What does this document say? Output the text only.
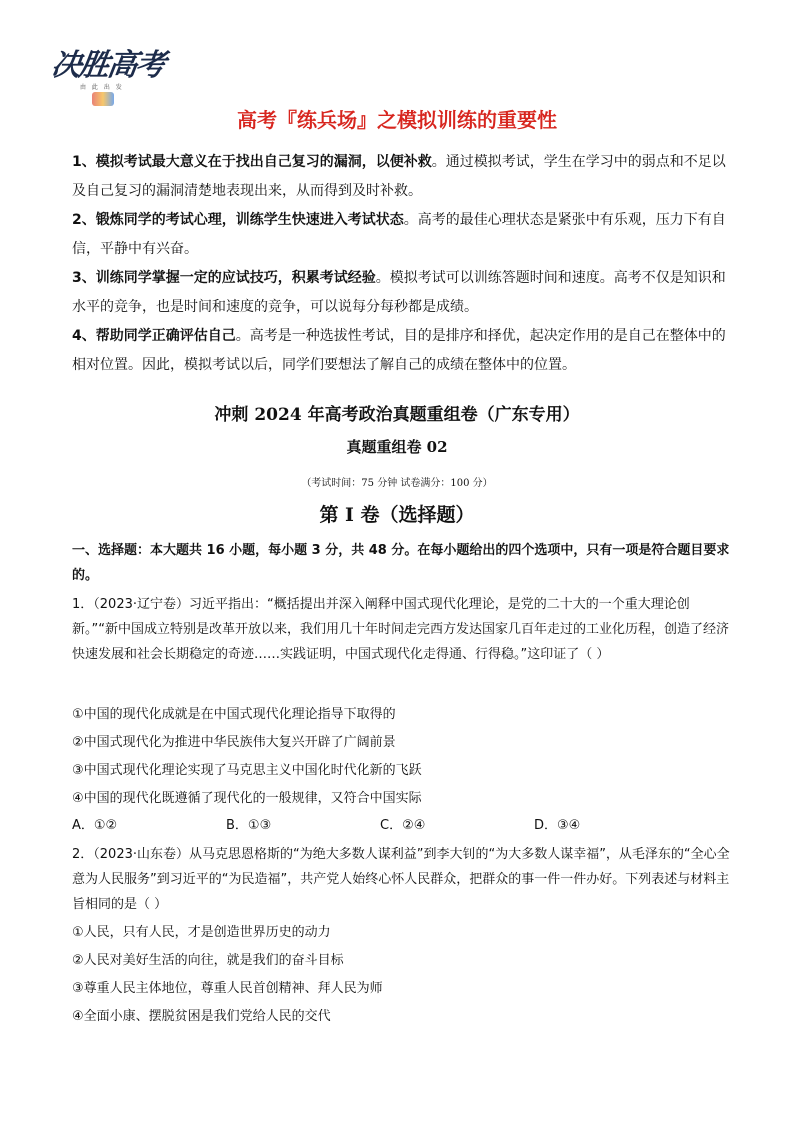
决胜高考
由 此 出 发
高考『练兵场』之模拟训练的重要性
1、模拟考试最大意义在于找出自己复习的漏洞，以便补救。通过模拟考试，学生在学习中的弱点和不足以及自己复习的漏洞清楚地表现出来，从而得到及时补救。
2、锻炼同学的考试心理，训练学生快速进入考试状态。高考的最佳心理状态是紧张中有乐观，压力下有自信，平静中有兴奋。
3、训练同学掌握一定的应试技巧，积累考试经验。模拟考试可以训练答题时间和速度。高考不仅是知识和水平的竞争，也是时间和速度的竞争，可以说每分每秒都是成绩。
4、帮助同学正确评估自己。高考是一种选拔性考试，目的是排序和择优，起决定作用的是自己在整体中的相对位置。因此，模拟考试以后，同学们要想法了解自己的成绩在整体中的位置。
冲刺 2024 年高考政治真题重组卷（广东专用）
真题重组卷 02
（考试时间：75 分钟 试卷满分：100 分）
第 I 卷（选择题）
一、选择题：本大题共 16 小题，每小题 3 分，共 48 分。在每小题给出的四个选项中，只有一项是符合题目要求的。
1．（2023·辽宁卷）习近平指出：“概括提出并深入阐释中国式现代化理论，是党的二十大的一个重大理论创新。”“新中国成立特别是改革开放以来，我们用几十年时间走完西方发达国家几百年走过的工业化历程，创造了经济快速发展和社会长期稳定的奇迹……实践证明，中国式现代化走得通、行得稳。”这印证了（ ）
①中国的现代化成就是在中国式现代化理论指导下取得的
②中国式现代化为推进中华民族伟大复兴开辟了广阔前景
③中国式现代化理论实现了马克思主义中国化时代化新的飞跃
④中国的现代化既遵循了现代化的一般规律，又符合中国实际
A．①②	B．①③	C．②④	D．③④
2．（2023·山东卷）从马克思恩格斯的“为绝大多数人谋利益”到李大钊的“为大多数人谋幸福”，从毛泽东的“全心全意为人民服务”到习近平的“为民造福”，共产党人始终心怀人民群众，把群众的事一件一件办好。下列表述与材料主旨相同的是（ ）
①人民，只有人民，才是创造世界历史的动力
②人民对美好生活的向往，就是我们的奋斗目标
③尊重人民主体地位，尊重人民首创精神、拜人民为师
④全面小康、摆脱贫困是我们党给人民的交代
